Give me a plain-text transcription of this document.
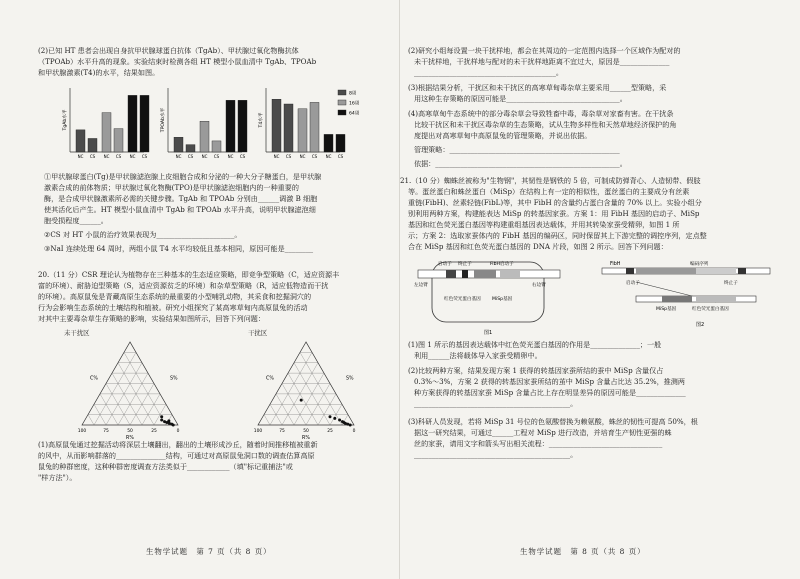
(2)已知 HT 患者会出现自身抗甲状腺球蛋白抗体（TgAb）、甲状腺过氧化物酶抗体
（TPOAb）水平升高的现象。实验结束时检测各组 HT 模型小鼠血清中 TgAb、TPOAb
和甲状腺激素(T4)的水平，结果如图。
TgAb水平
NC CS NC CS NC CS
TPOAb水平
NC CS NC CS NC CS
T4水平
NC CS NC CS NC CS
8周
16周
64周
①甲状腺球蛋白(Tg)是甲状腺滤泡腺上皮细胞合成和分泌的一种大分子糖蛋白，是甲状腺
激素合成的前体物质；甲状腺过氧化物酶(TPO)是甲状腺滤泡细胞内的一种重要的
酶，是合成甲状腺激素所必需的关键步骤。TgAb 和 TPOAb 分别由______调激 B 细胞
使其活化后产生。HT 模型小鼠血清中 TgAb 和 TPOAb 水平升高，说明甲状腺滤泡细
胞受损程度______。
②CS 对 HT 小鼠的治疗效果表现为______________________。
③NaI 连续处理 64 周时，两组小鼠 T4 水平均较低且基本相同，原因可能是________
20.（11 分）CSR 理论认为植物存在三种基本的生态适应策略，即竞争型策略（C，适应资源丰
富的环境）、耐胁迫型策略（S，适应资源贫乏的环境）和杂草型策略（R，适应低物造而干扰
的环境）。高原鼠兔是青藏高原生态系统的最重要的小型哺乳动物，其采食和挖掘洞穴的
行为会影响生态系统的土壤结构和植被。研究小组探究了某高寒草甸内高原鼠兔的活动
对其中主要毒杂草生存策略的影响，实验结果如图所示，回答下列问题：
未干扰区	干扰区
100	75	50	25	0
C%	S%
R%
100	75	50	25	0
C%	S%
R%
(1)高原鼠兔通过挖掘活动将深层土壤翻出，翻出的土壤形成沙丘，随着时间推移植被重新
的风中，从而影响群落的______________结构，可通过对高原鼠兔洞口数的调查估算高原
鼠兔的种群密度，这种种群密度调查方法类似于____________（填"标记重捕法"或
"样方法"）。
生物学试题　第 7 页（共 8 页）
(2)研究小组每设置一块干扰样地，都会在其周边的一定范围内选择一个区域作为配对的
未干扰样地，干扰样地与配对的未干扰样地距离不宜过大，原因是______________
________________________________________。
(3)根据结果分析，干扰区和未干扰区的高寒草甸毒杂草主要采用______型策略，采
用这种生存策略的原因可能是________________________________。
(4)高寒草甸牛态系统中的部分毒杂草会导致牲畜中毒，毒杂草对家畜有害。在干扰条
比较干扰区和未干扰区毒杂草的生态策略，试从生物多样性和天然草地经济保护的角
度提出对高寒草甸中高原鼠兔的管理策略，并说出依据。
管理策略：________________________________________________
依据：____________________________________________________。
21.（10 分）蜘蛛丝被称为"生物钢"，其韧性是钢铁的 5 倍，可制成防弹背心、人造韧带、假肢
等。蛋丝蛋白和蛛丝蛋白（MiSp）在结构上有一定的相似性，蛋丝蛋白的主要成分有丝素
重链(FibH)、丝素轻链(FibL)等，其中 FibH 的含量约占蛋白含量的 70% 以上。实验小组分
别利用两种方案，构建能表达 MiSp 的转基因家蚕。方案 1：用 FibH 基因的启动子、MiSp
基因和红色荧光蛋白基因等构建重组基因表达载体，并用其转染家蚕受精卵，如图 1 所
示；方案 2：选取家蚕体内的 FibH 基因的编码区，同时保留其上下游完整的调控序列，定点整
合在 MiSp 基因和红色荧光蛋白基因的 DNA 片段，如图 2 所示。回答下列问题：
启动子 终止子	FibH启动子
左边臂	右边臂
红色荧光蛋白基因 MiSp基因
图1
FibH	编码序列
启动子	终止子
MiSp基因	红色荧光蛋白基因
图2
(1)图 1 所示的基因表达载体中红色荧光蛋白基因的作用是______________；一般
利用______法将载体导入家蚕受精卵中。
(2)比较两种方案，结果发现方案 1 获得的转基因家蚕所结的蚕中 MiSp 含量仅占
0.3%～3%，方案 2 获得的转基因家蚕所结的茧中 MiSp 含量占比达 35.2%，推测两
种方案获得的转基因家蚕 MiSp 含量占比上存在明显差异的原因可能是______________
____________________________________________。
(3)科研人员发现，若将 MiSp 31 号位的色氨酸替换为赖氨酸，蛛丝的韧性可提高 50%，根
据这一研究结果，可通过______工程对 MiSp 进行改造，并培育生产韧性更强的蛛
丝的家蚕，请用文字和箭头写出相关流程：________________________________
____________________________________________。
生物学试题　第 8 页（共 8 页）
